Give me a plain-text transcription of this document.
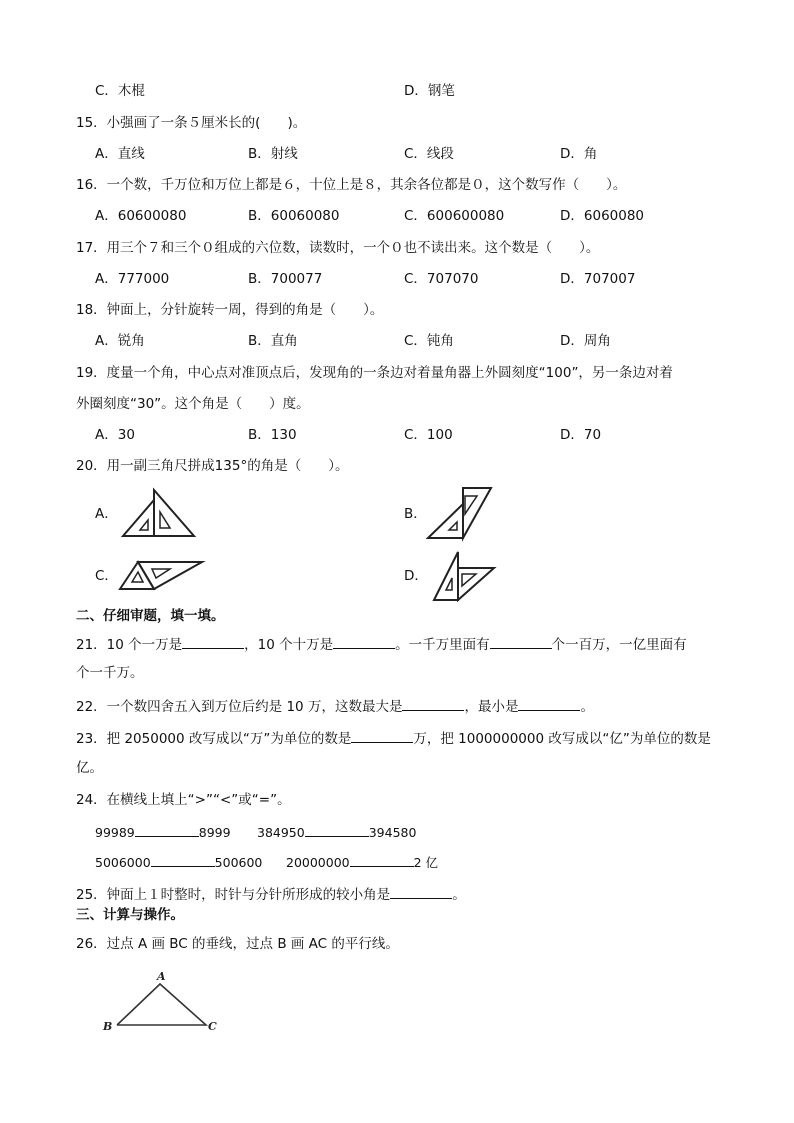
C．木棍	D．钢笔
15．小强画了一条５厘米长的(　　)。
A．直线	B．射线	C．线段	D．角
16．一个数，千万位和万位上都是６，十位上是８，其余各位都是０，这个数写作（　　）。
A．60600080	B．60060080	C．600600080	D．6060080
17．用三个７和三个０组成的六位数，读数时，一个０也不读出来。这个数是（　　）。
A．777000	B．700077	C．707070	D．707007
18．钟面上，分针旋转一周，得到的角是（　　）。
A．锐角	B．直角	C．钝角	D．周角
19．度量一个角，中心点对准顶点后，发现角的一条边对着量角器上外圆刻度“100”，另一条边对着
外圈刻度“30”。这个角是（　　）度。
A．30	B．130	C．100	D．70
20．用一副三角尺拼成135°的角是（　　）。
A．	B．
C．	D．
二、仔细审题，填一填。
21．10 个一万是	，10 个十万是	。一千万里面有	个一百万，一亿里面有
个一千万。
22．一个数四舍五入到万位后约是 10 万，这数最大是	，最小是	。
23．把 2050000 改写成以“万”为单位的数是	万，把 1000000000 改写成以“亿”为单位的数是
亿。
24．在横线上填上“>”“<”或“=”。
99989	8999 384950	394580
5006000	500600 20000000	2 亿
25．钟面上１时整时，时针与分针所形成的较小角是	。
三、计算与操作。
26．过点 A 画 BC 的垂线，过点 B 画 AC 的平行线。
A
B	C
